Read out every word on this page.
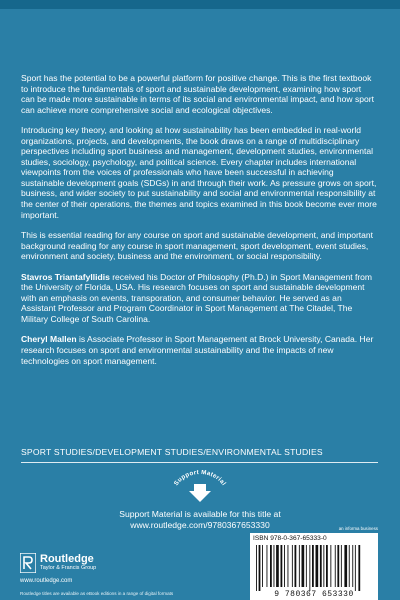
Sport has the potential to be a powerful platform for positive change. This is the first textbook to introduce the fundamentals of sport and sustainable development, examining how sport can be made more sustainable in terms of its social and environmental impact, and how sport can achieve more comprehensive social and ecological objectives.

Introducing key theory, and looking at how sustainability has been embedded in real-world organizations, projects, and developments, the book draws on a range of multidisciplinary perspectives including sport business and management, development studies, environmental studies, sociology, psychology, and political science. Every chapter includes international viewpoints from the voices of professionals who have been successful in achieving sustainable development goals (SDGs) in and through their work. As pressure grows on sport, business, and wider society to put sustainability and social and environmental responsibility at the center of their operations, the themes and topics examined in this book become ever more important.

This is essential reading for any course on sport and sustainable development, and important background reading for any course in sport management, sport development, event studies, environment and society, business and the environment, or social responsibility.

Stavros Triantafyllidis received his Doctor of Philosophy (Ph.D.) in Sport Management from the University of Florida, USA. His research focuses on sport and sustainable development with an emphasis on events, transporation, and consumer behavior. He served as an Assistant Professor and Program Coordinator in Sport Management at The Citadel, The Military College of South Carolina.

Cheryl Mallen is Associate Professor in Sport Management at Brock University, Canada. Her research focuses on sport and environmental sustainability and the impacts of new technologies on sport management.

SPORT STUDIES/DEVELOPMENT STUDIES/ENVIRONMENTAL STUDIES
Support Material
Support Material is available for this title at
www.routledge.com/9780367653330
Routledge
Taylor & Francis Group
www.routledge.com
Routledge titles are available as eBook editions in a range of digital formats
an informa business
ISBN 978-0-367-65333-0
9 780367 653330
